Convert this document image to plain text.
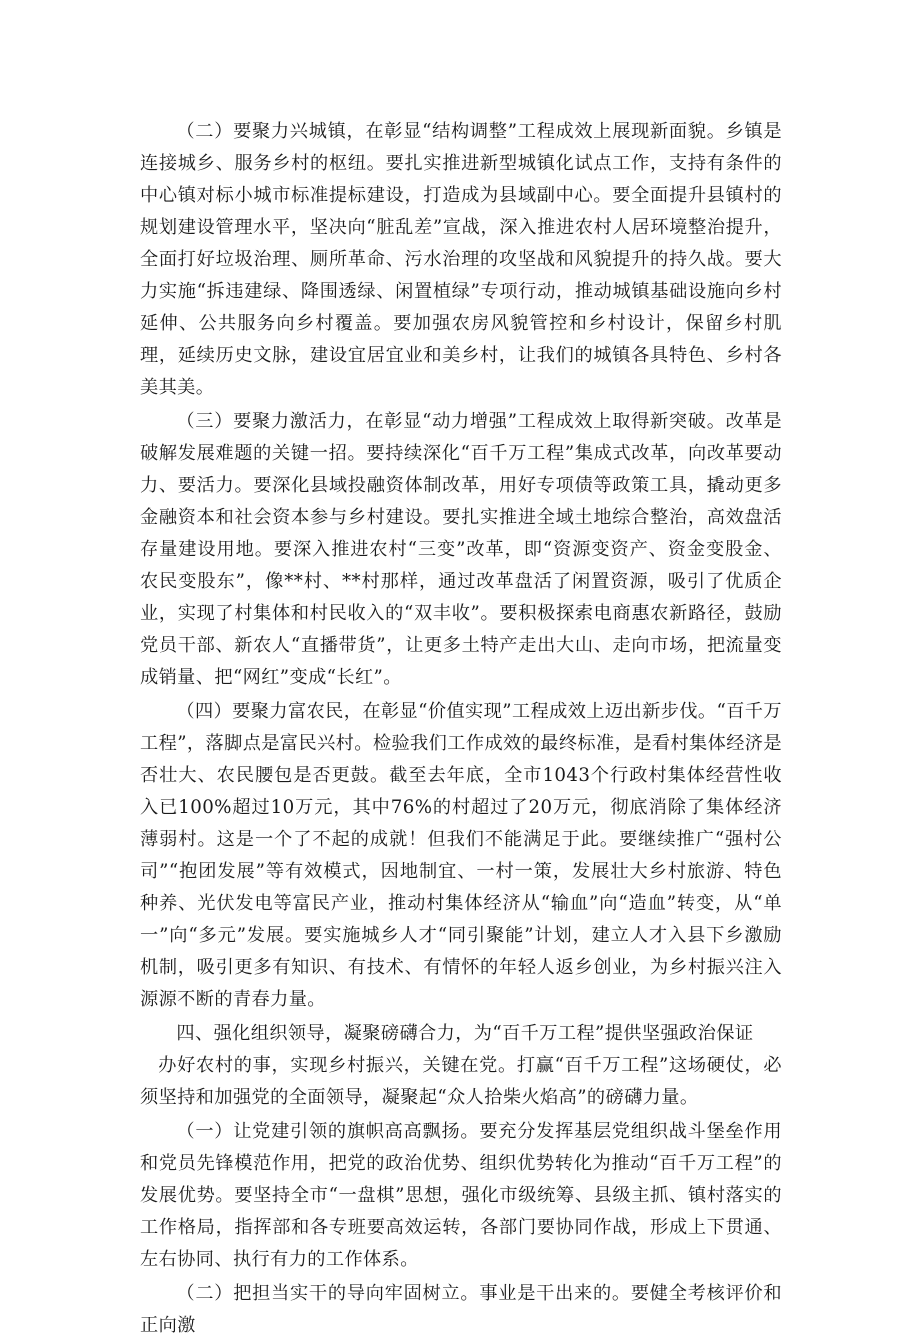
（二）要聚力兴城镇，在彰显“结构调整”工程成效上展现新面貌。乡镇是连接城乡、服务乡村的枢纽。要扎实推进新型城镇化试点工作，支持有条件的中心镇对标小城市标准提标建设，打造成为县域副中心。要全面提升县镇村的规划建设管理水平，坚决向“脏乱差”宣战，深入推进农村人居环境整治提升，全面打好垃圾治理、厕所革命、污水治理的攻坚战和风貌提升的持久战。要大力实施“拆违建绿、降围透绿、闲置植绿”专项行动，推动城镇基础设施向乡村延伸、公共服务向乡村覆盖。要加强农房风貌管控和乡村设计，保留乡村肌理，延续历史文脉，建设宜居宜业和美乡村，让我们的城镇各具特色、乡村各美其美。

（三）要聚力激活力，在彰显“动力增强”工程成效上取得新突破。改革是破解发展难题的关键一招。要持续深化“百千万工程”集成式改革，向改革要动力、要活力。要深化县域投融资体制改革，用好专项债等政策工具，撬动更多金融资本和社会资本参与乡村建设。要扎实推进全域土地综合整治，高效盘活存量建设用地。要深入推进农村“三变”改革，即“资源变资产、资金变股金、农民变股东”，像**村、**村那样，通过改革盘活了闲置资源，吸引了优质企业，实现了村集体和村民收入的“双丰收”。要积极探索电商惠农新路径，鼓励党员干部、新农人“直播带货”，让更多土特产走出大山、走向市场，把流量变成销量、把“网红”变成“长红”。

（四）要聚力富农民，在彰显“价值实现”工程成效上迈出新步伐。“百千万工程”，落脚点是富民兴村。检验我们工作成效的最终标准，是看村集体经济是否壮大、农民腰包是否更鼓。截至去年底，全市1043个行政村集体经营性收入已100%超过10万元，其中76%的村超过了20万元，彻底消除了集体经济薄弱村。这是一个了不起的成就！但我们不能满足于此。要继续推广“强村公司”“抱团发展”等有效模式，因地制宜、一村一策，发展壮大乡村旅游、特色种养、光伏发电等富民产业，推动村集体经济从“输血”向“造血”转变，从“单一”向“多元”发展。要实施城乡人才“同引聚能”计划，建立人才入县下乡激励机制，吸引更多有知识、有技术、有情怀的年轻人返乡创业，为乡村振兴注入源源不断的青春力量。

四、强化组织领导，凝聚磅礴合力，为“百千万工程”提供坚强政治保证

办好农村的事，实现乡村振兴，关键在党。打赢“百千万工程”这场硬仗，必须坚持和加强党的全面领导，凝聚起“众人拾柴火焰高”的磅礴力量。

（一）让党建引领的旗帜高高飘扬。要充分发挥基层党组织战斗堡垒作用和党员先锋模范作用，把党的政治优势、组织优势转化为推动“百千万工程”的发展优势。要坚持全市“一盘棋”思想，强化市级统筹、县级主抓、镇村落实的工作格局，指挥部和各专班要高效运转，各部门要协同作战，形成上下贯通、左右协同、执行有力的工作体系。

（二）把担当实干的导向牢固树立。事业是干出来的。要健全考核评价和正向激
